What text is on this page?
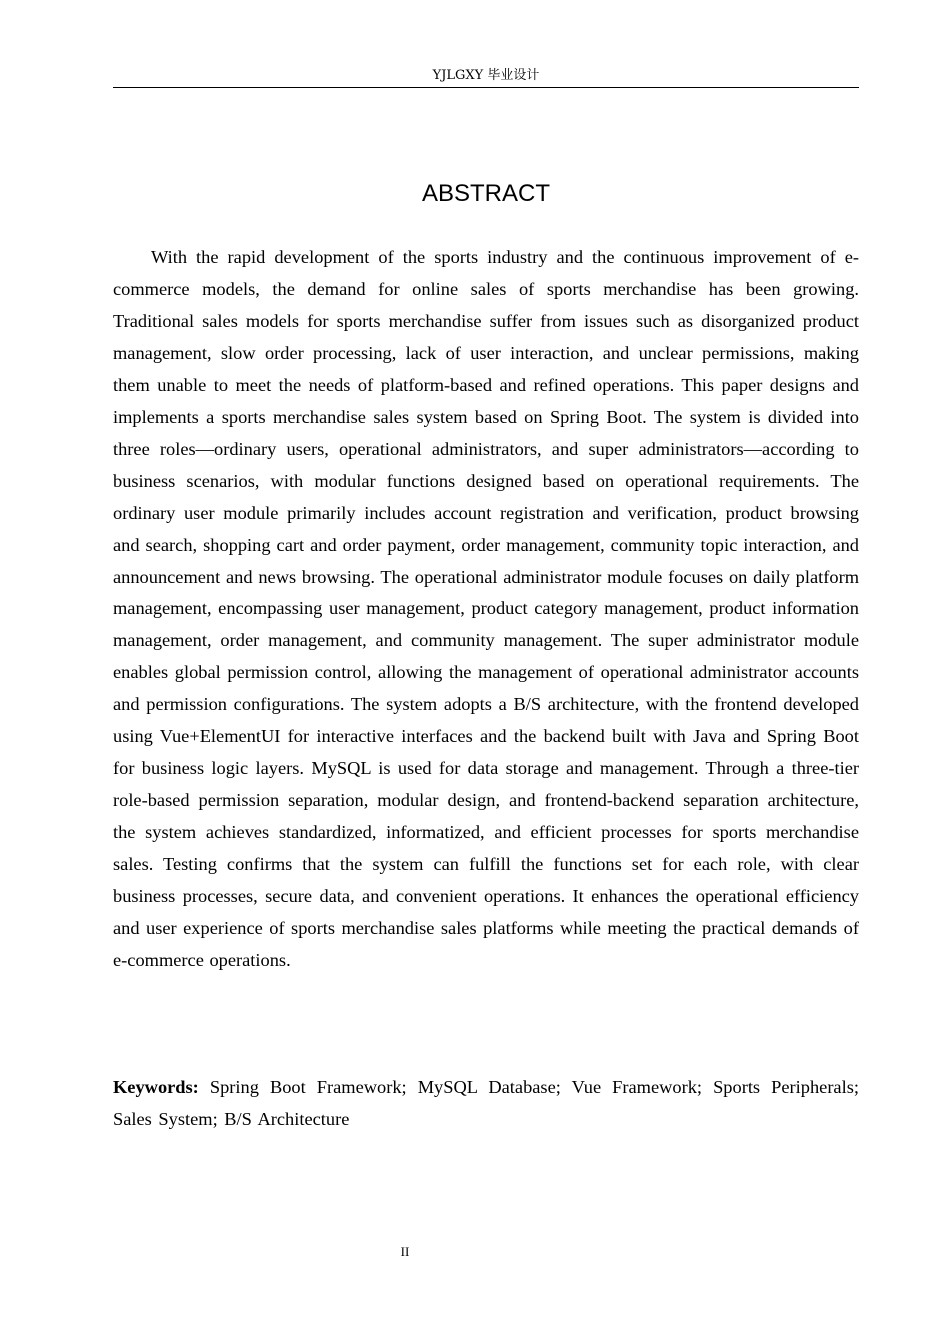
YJLGXY 毕业设计
ABSTRACT

With the rapid development of the sports industry and the continuous improvement of e-commerce models, the demand for online sales of sports merchandise has been growing. Traditional sales models for sports merchandise suffer from issues such as disorganized product management, slow order processing, lack of user interaction, and unclear permissions, making them unable to meet the needs of platform-based and refined operations. This paper designs and implements a sports merchandise sales system based on Spring Boot. The system is divided into three roles—ordinary users, operational administrators, and super administrators—according to business scenarios, with modular functions designed based on operational requirements. The ordinary user module primarily includes account registration and verification, product browsing and search, shopping cart and order payment, order management, community topic interaction, and announcement and news browsing. The operational administrator module focuses on daily platform management, encompassing user management, product category management, product information management, order management, and community management. The super administrator module enables global permission control, allowing the management of operational administrator accounts and permission configurations. The system adopts a B/S architecture, with the frontend developed using Vue+ElementUI for interactive interfaces and the backend built with Java and Spring Boot for business logic layers. MySQL is used for data storage and management. Through a three-tier role-based permission separation, modular design, and frontend-backend separation architecture, the system achieves standardized, informatized, and efficient processes for sports merchandise sales. Testing confirms that the system can fulfill the functions set for each role, with clear business processes, secure data, and convenient operations. It enhances the operational efficiency and user experience of sports merchandise sales platforms while meeting the practical demands of e-commerce operations.

Keywords: Spring Boot Framework; MySQL Database; Vue Framework; Sports Peripherals; Sales System; B/S Architecture

II
